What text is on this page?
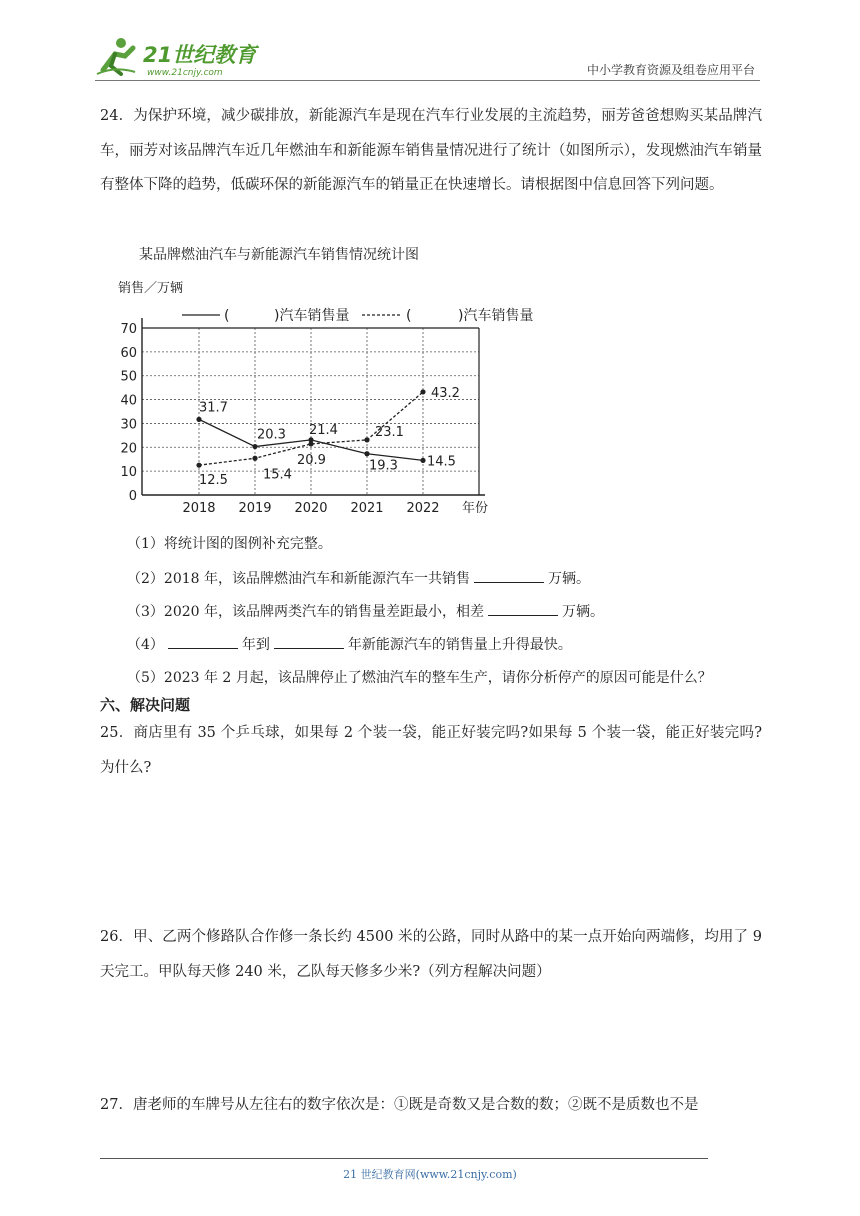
21世纪教育
www.21cnjy.com	中小学教育资源及组卷应用平台
24．为保护环境，减少碳排放，新能源汽车是现在汽车行业发展的主流趋势，丽芳爸爸想购买某品牌汽车，丽芳对该品牌汽车近几年燃油车和新能源车销售量情况进行了统计（如图所示），发现燃油汽车销量有整体下降的趋势，低碳环保的新能源汽车的销量正在快速增长。请根据图中信息回答下列问题。
某品牌燃油汽车与新能源汽车销售情况统计图
销售／万辆
年份
0
10
20
30
40
50
60
70
2018 2019 2020 2021 2022
(	)汽车销售量	(	)汽车销售量
31.7
20.3
19.3 14.5
12.5	15.4
21.4	23.1
43.2
20.9
（1）将统计图的图例补充完整。
（2）2018 年，该品牌燃油汽车和新能源汽车一共销售	万辆。
（3）2020 年，该品牌两类汽车的销售量差距最小，相差	万辆。
（4）	年到	年新能源汽车的销售量上升得最快。
（5）2023 年 2 月起，该品牌停止了燃油汽车的整车生产，请你分析停产的原因可能是什么？
六、解决问题
25．商店里有 35 个乒乓球，如果每 2 个装一袋，能正好装完吗?如果每 5 个装一袋，能正好装完吗?为什么?
26．甲、乙两个修路队合作修一条长约 4500 米的公路，同时从路中的某一点开始向两端修，均用了 9 天完工。甲队每天修 240 米，乙队每天修多少米?（列方程解决问题）
27．唐老师的车牌号从左往右的数字依次是：①既是奇数又是合数的数；②既不是质数也不是
21 世纪教育网(www.21cnjy.com)
